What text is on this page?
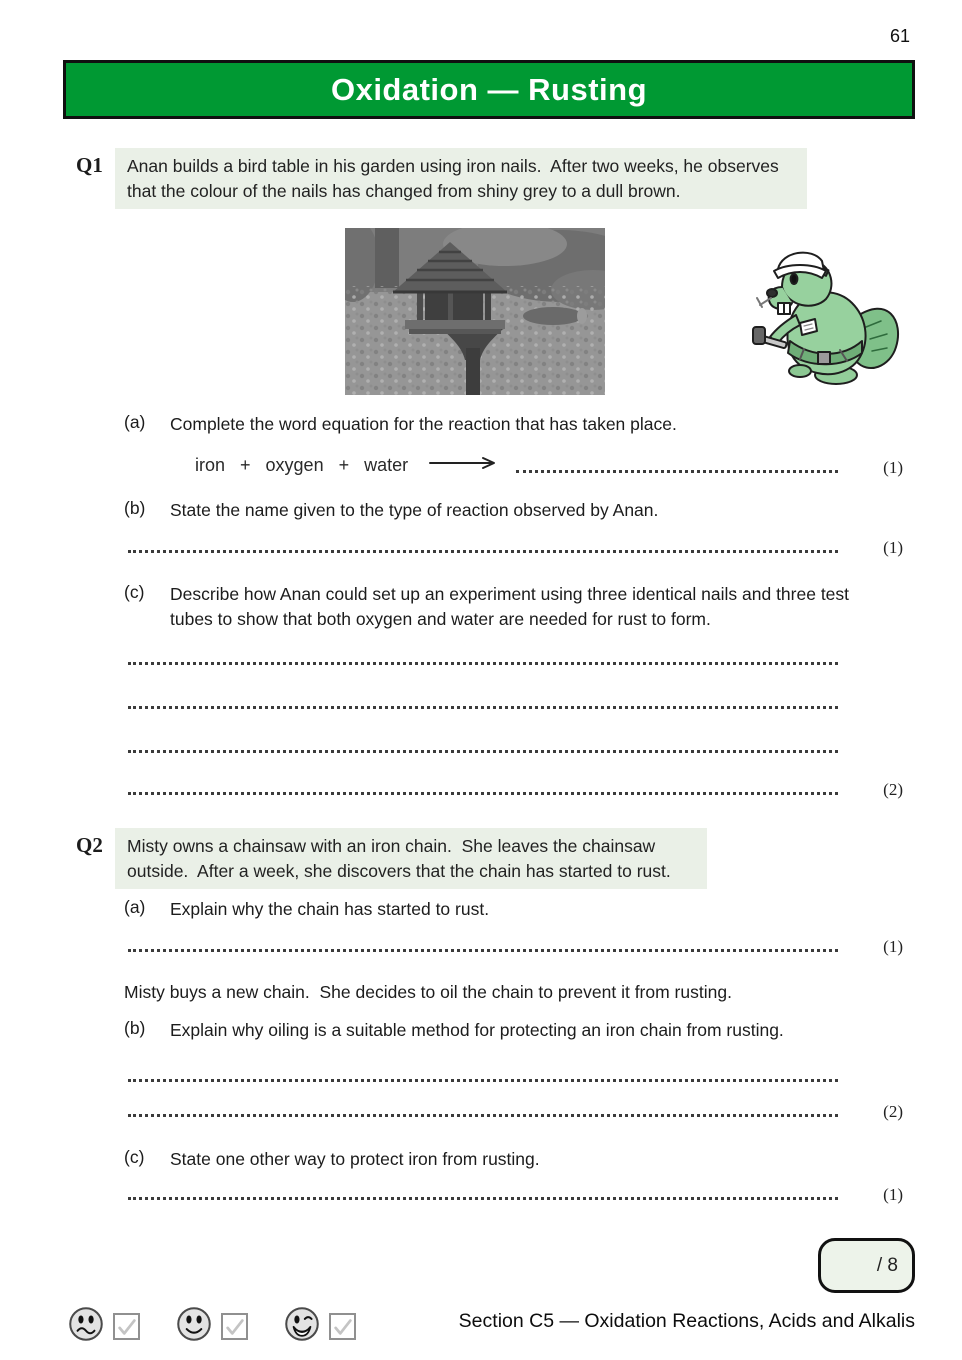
61
Oxidation — Rusting
Q1	Anan builds a bird table in his garden using iron nails.  After two weeks, he observes that the colour of the nails has changed from shiny grey to a dull brown.
(a)	Complete the word equation for the reaction that has taken place.
iron + oxygen + water	(1)
(b)	State the name given to the type of reaction observed by Anan.
(1)
(c)	Describe how Anan could set up an experiment using three identical nails and three test tubes to show that both oxygen and water are needed for rust to form.
(2)
Q2	Misty owns a chainsaw with an iron chain.  She leaves the chainsaw outside.  After a week, she discovers that the chain has started to rust.
(a)	Explain why the chain has started to rust.
(1)
Misty buys a new chain.  She decides to oil the chain to prevent it from rusting.
(b)	Explain why oiling is a suitable method for protecting an iron chain from rusting.
(2)
(c)	State one other way to protect iron from rusting.
(1)
/ 8
Section C5 — Oxidation Reactions, Acids and Alkalis
